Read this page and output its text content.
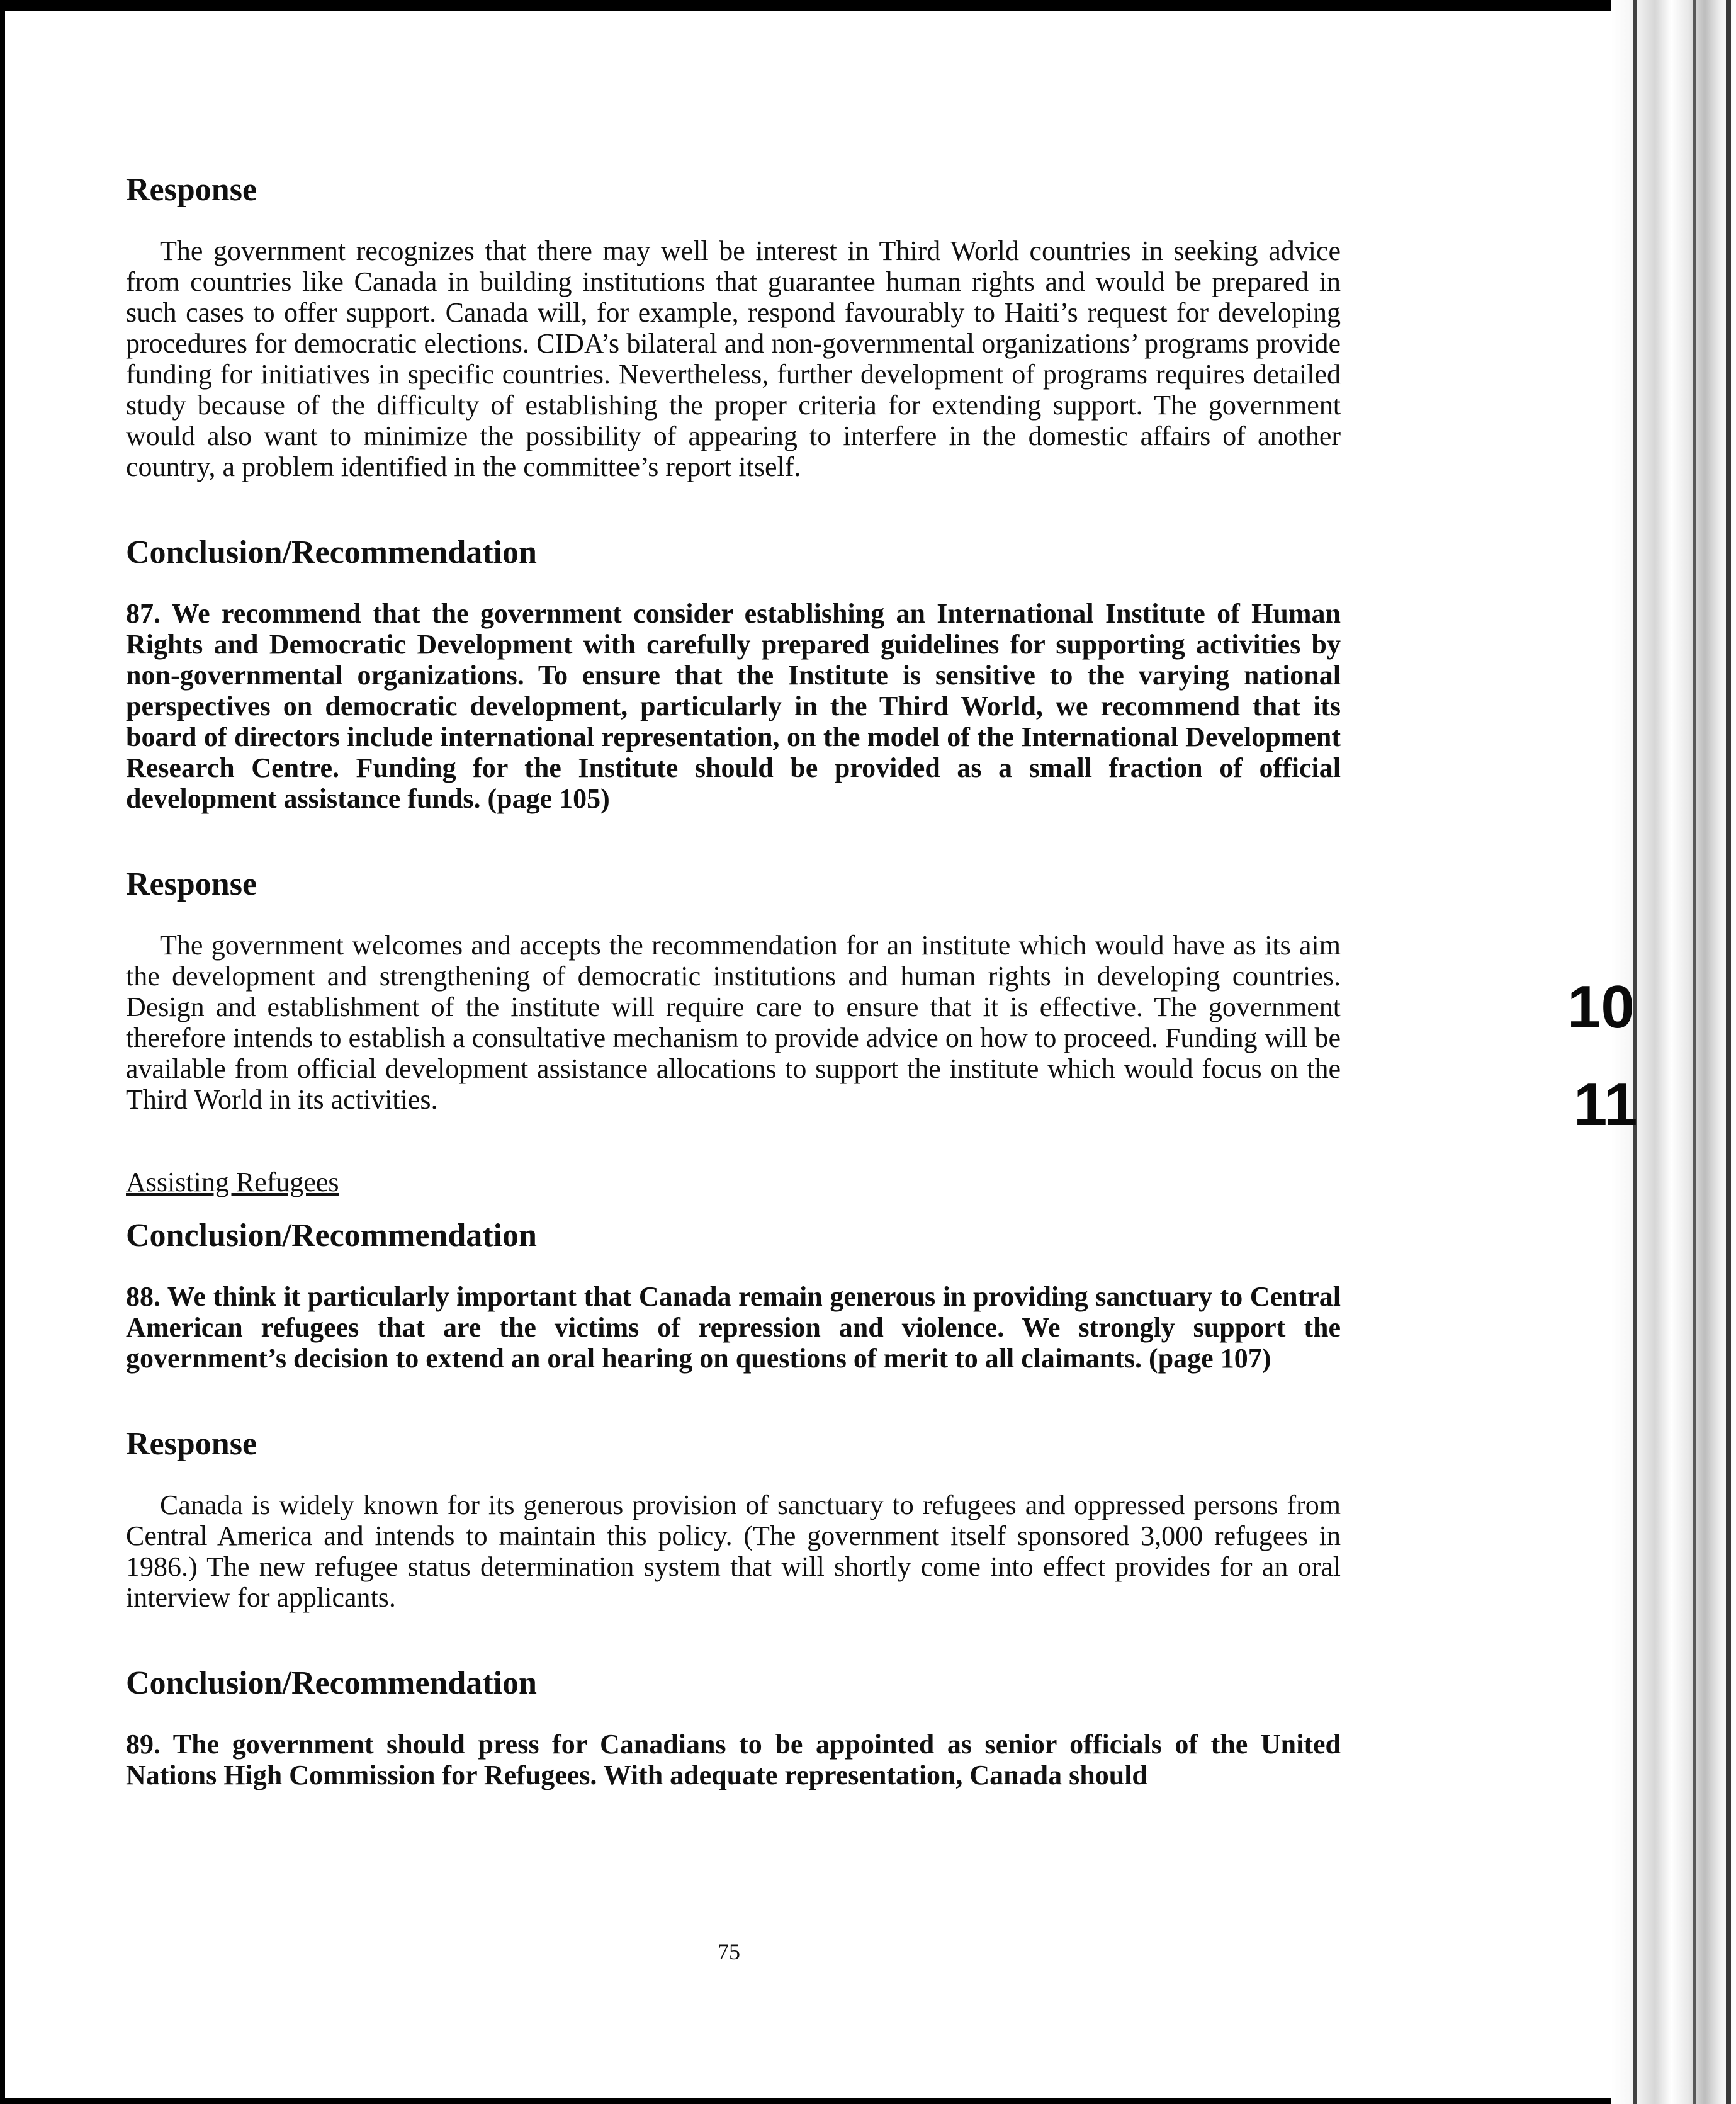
Response

The government recognizes that there may well be interest in Third World countries in seeking advice from countries like Canada in building institutions that guarantee human rights and would be prepared in such cases to offer support. Canada will, for example, respond favourably to Haiti’s request for developing procedures for democratic elections. CIDA’s bilateral and non-governmental organizations’ programs provide funding for initiatives in specific countries. Nevertheless, further development of programs requires detailed study because of the difficulty of establishing the proper criteria for extending support. The government would also want to minimize the possibility of appearing to interfere in the domestic affairs of another country, a problem identified in the committee’s report itself.

Conclusion/Recommendation

87. We recommend that the government consider establishing an International Institute of Human Rights and Democratic Development with carefully prepared guidelines for supporting activities by non-governmental organizations. To ensure that the Institute is sensitive to the varying national perspectives on democratic development, particularly in the Third World, we recommend that its board of directors include international representation, on the model of the International Development Research Centre. Funding for the Institute should be provided as a small fraction of official development assistance funds. (page 105)

Response

The government welcomes and accepts the recommendation for an institute which would have as its aim the development and strengthening of democratic institutions and human rights in developing countries. Design and establishment of the institute will require care to ensure that it is effective. The government therefore intends to establish a consultative mechanism to provide advice on how to proceed. Funding will be available from official development assistance allocations to support the institute which would focus on the Third World in its activities.

Assisting Refugees
Conclusion/Recommendation

88. We think it particularly important that Canada remain generous in providing sanctuary to Central American refugees that are the victims of repression and violence. We strongly support the government’s decision to extend an oral hearing on questions of merit to all claimants. (page 107)

Response

Canada is widely known for its generous provision of sanctuary to refugees and oppressed persons from Central America and intends to maintain this policy. (The government itself sponsored 3,000 refugees in 1986.) The new refugee status determination system that will shortly come into effect provides for an oral interview for applicants.

Conclusion/Recommendation

89. The government should press for Canadians to be appointed as senior officials of the United Nations High Commission for Refugees. With adequate representation, Canada should

10
11
75
